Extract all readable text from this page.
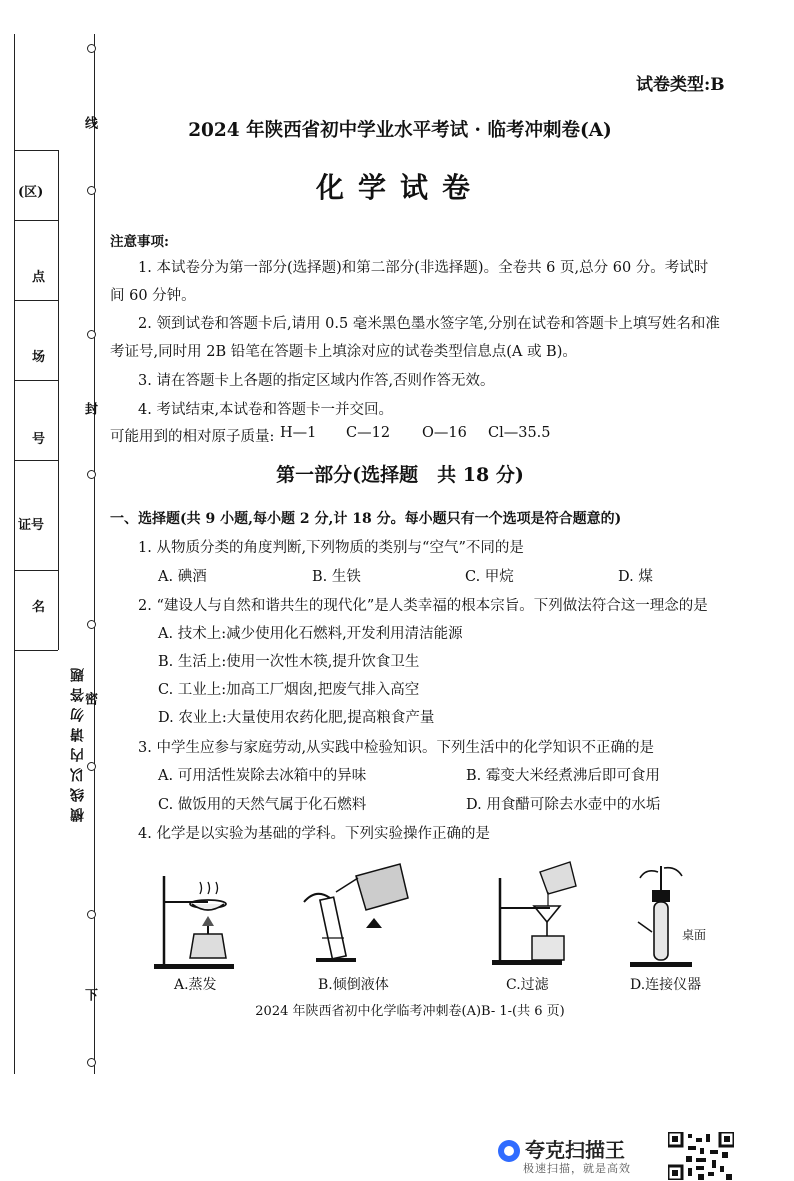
(区)
点
场
号
证号
名
线
封
密
下
横线以内请勿答题
试卷类型:B
2024 年陕西省初中学业水平考试 · 临考冲刺卷(A)
化学试卷
注意事项:
1. 本试卷分为第一部分(选择题)和第二部分(非选择题)。全卷共 6 页,总分 60 分。考试时
间 60 分钟。
2. 领到试卷和答题卡后,请用 0.5 毫米黑色墨水签字笔,分别在试卷和答题卡上填写姓名和准
考证号,同时用 2B 铅笔在答题卡上填涂对应的试卷类型信息点(A 或 B)。
3. 请在答题卡上各题的指定区域内作答,否则作答无效。
4. 考试结束,本试卷和答题卡一并交回。
可能用到的相对原子质量: H—1 C—12 O—16 Cl—35.5
第一部分(选择题　共 18 分)
一、选择题(共 9 小题,每小题 2 分,计 18 分。每小题只有一个选项是符合题意的)
1. 从物质分类的角度判断,下列物质的类别与“空气”不同的是
A. 碘酒	B. 生铁	C. 甲烷	D. 煤
2. “建设人与自然和谐共生的现代化”是人类幸福的根本宗旨。下列做法符合这一理念的是
A. 技术上:减少使用化石燃料,开发利用清洁能源
B. 生活上:使用一次性木筷,提升饮食卫生
C. 工业上:加高工厂烟囱,把废气排入高空
D. 农业上:大量使用农药化肥,提高粮食产量
3. 中学生应参与家庭劳动,从实践中检验知识。下列生活中的化学知识不正确的是
A. 可用活性炭除去冰箱中的异味	B. 霉变大米经煮沸后即可食用
C. 做饭用的天然气属于化石燃料	D. 用食醋可除去水壶中的水垢
4. 化学是以实验为基础的学科。下列实验操作正确的是
桌面
A.蒸发	B.倾倒液体	C.过滤	D.连接仪器
2024 年陕西省初中化学临考冲刺卷(A)B- 1-(共 6 页)
夸克扫描王
极速扫描，就是高效
